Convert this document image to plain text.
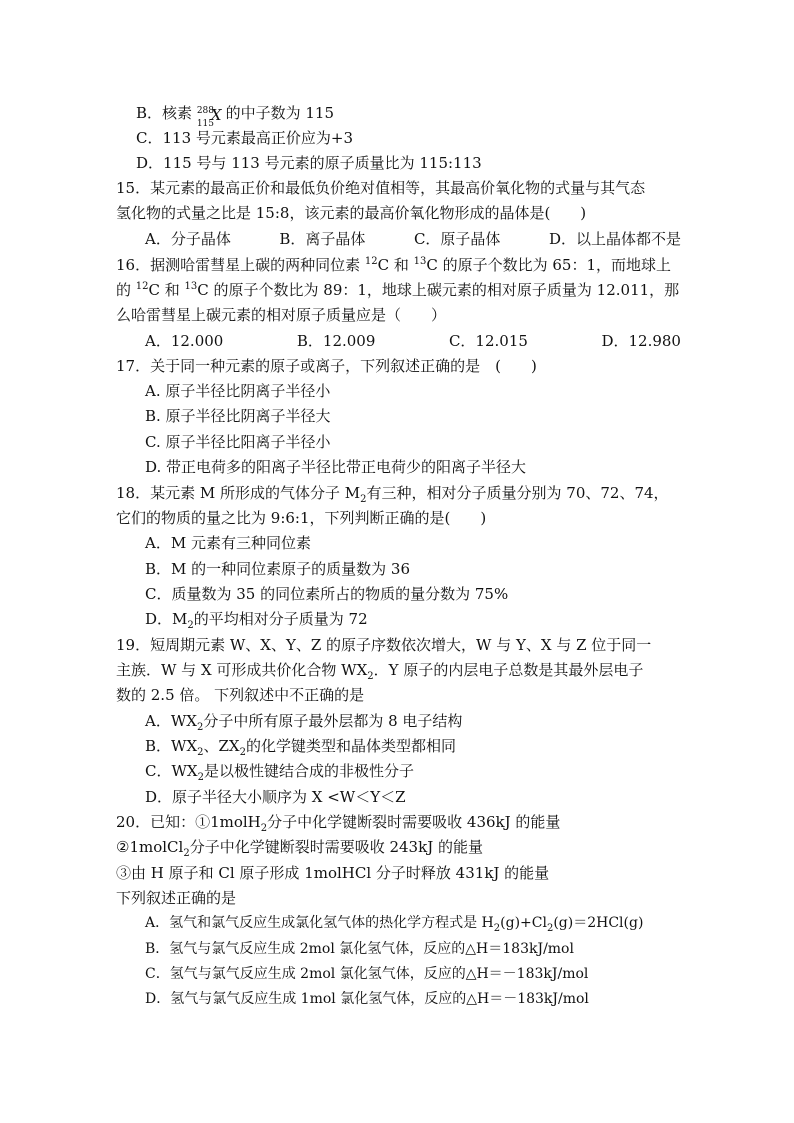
B．核素 288
115
X 的中子数为 115
C．113 号元素最高正价应为+3
D．115 号与 113 号元素的原子质量比为 115:113
15．某元素的最高正价和最低负价绝对值相等，其最高价氧化物的式量与其气态
氢化物的式量之比是 15:8，该元素的最高价氧化物形成的晶体是(　　)
A．分子晶体	B．离子晶体	C．原子晶体	D．以上晶体都不是
16．据测哈雷彗星上碳的两种同位素 $^{12}$C 和 $^{13}$C 的原子个数比为 65：1，而地球上
的 $^{12}$C 和 $^{13}$C 的原子个数比为 89：1，地球上碳元素的相对原子质量为 12.011，那
么哈雷彗星上碳元素的相对原子质量应是（　　）
A．12.000	B．12.009	C．12.015	D．12.980
17．关于同一种元素的原子或离子，下列叙述正确的是　(　　)
A. 原子半径比阴离子半径小
B. 原子半径比阴离子半径大
C. 原子半径比阳离子半径小
D. 带正电荷多的阳离子半径比带正电荷少的阳离子半径大
18．某元素 M 所形成的气体分子 $M_2$有三种，相对分子质量分别为 70、72、74，
它们的物质的量之比为 9:6:1，下列判断正确的是(　　)
A．M 元素有三种同位素
B．M 的一种同位素原子的质量数为 36
C．质量数为 35 的同位素所占的物质的量分数为 75%
D．$M_2$的平均相对分子质量为 72
19．短周期元素 W、X、Y、Z 的原子序数依次增大，W 与 Y、X 与 Z 位于同一
主族．W 与 X 可形成共价化合物 $WX_2$．Y 原子的内层电子总数是其最外层电子
数的 2.5 倍。 下列叙述中不正确的是
A．$WX_2$分子中所有原子最外层都为 8 电子结构
B．$WX_2$、$ZX_2$的化学键类型和晶体类型都相同
C．$WX_2$是以极性键结合成的非极性分子
D．原子半径大小顺序为 X <W＜Y＜Z
20．已知：①1molH$_2$分子中化学键断裂时需要吸收 436kJ 的能量
②1molCl$_2$分子中化学键断裂时需要吸收 243kJ 的能量
③由 H 原子和 Cl 原子形成 1molHCl 分子时释放 431kJ 的能量
下列叙述正确的是
A．氢气和氯气反应生成氯化氢气体的热化学方程式是 $H_2(g)+Cl_2(g)=2HCl(g)$
B．氢气与氯气反应生成 2mol 氯化氢气体，反应的△H＝183kJ/mol
C．氢气与氯气反应生成 2mol 氯化氢气体，反应的△H＝－183kJ/mol
D．氢气与氯气反应生成 1mol 氯化氢气体，反应的△H＝－183kJ/mol
